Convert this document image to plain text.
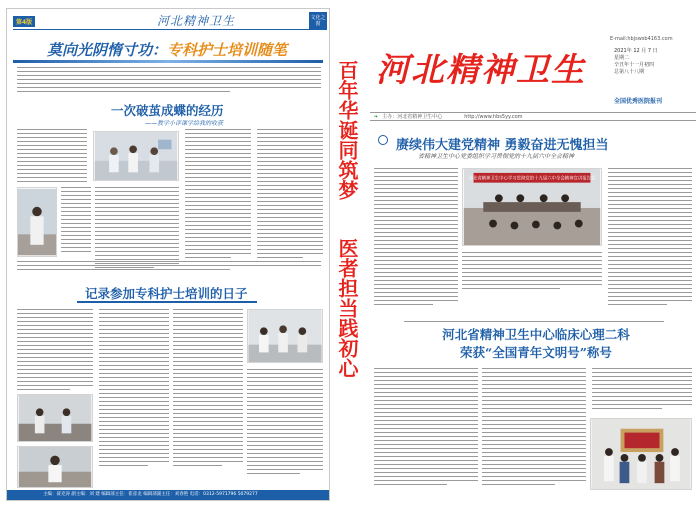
第4版	河北精神卫生	文化之窗
莫向光阴惰寸功：专科护士培训随笔
一次破茧成蝶的经历
——教学小评课学给我的收获
记录参加专科护士培训的日子
主编：聂克涛 副主编：刘 建 编辑部主任：崔彦龙 编辑部副主任：刘春艳 电话：0312-5971796 5079277
百年华诞同筑梦
医者担当践初心
E-mail:hbjswsb4163.com
河北精神卫生	2021年 12 月 7 日
星期二
辛丑年十一月初四
总第八十八期
全国优秀医院报刊
❧ 主办：河北省精神卫生中心	http://www.hbs5yy.com
赓续伟大建党精神 勇毅奋进无愧担当
省精神卫生中心党委组织学习贯彻党的十九届六中全会精神
河北省精神卫生中心学习贯彻党的十九届六中全会精神宣讲报告会
河北省精神卫生中心临床心理二科
荣获“全国青年文明号”称号
